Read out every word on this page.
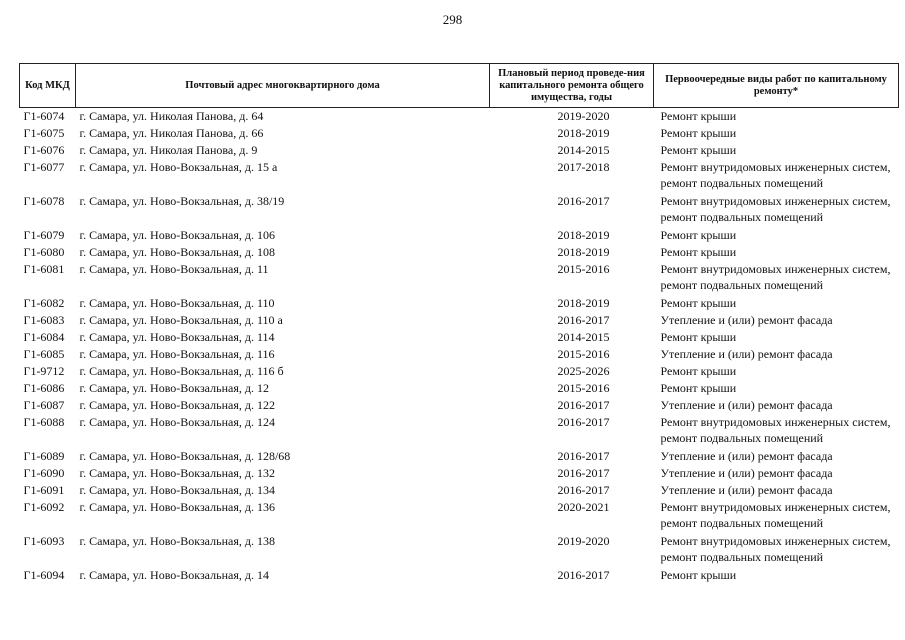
298
Код МКД	Почтовый адрес многоквартирного дома	Плановый период проведе-ния капитального ремонта общего имущества, годы	Первоочередные виды работ по капитальному ремонту*
Г1-6074	г. Самара, ул. Николая Панова, д. 64	2019-2020	Ремонт крыши
Г1-6075	г. Самара, ул. Николая Панова, д. 66	2018-2019	Ремонт крыши
Г1-6076	г. Самара, ул. Николая Панова, д. 9	2014-2015	Ремонт крыши
Г1-6077	г. Самара, ул. Ново-Вокзальная, д. 15 а	2017-2018	Ремонт внутридомовых инженерных систем, ремонт подвальных помещений
Г1-6078	г. Самара, ул. Ново-Вокзальная, д. 38/19	2016-2017	Ремонт внутридомовых инженерных систем, ремонт подвальных помещений
Г1-6079	г. Самара, ул. Ново-Вокзальная, д. 106	2018-2019	Ремонт крыши
Г1-6080	г. Самара, ул. Ново-Вокзальная, д. 108	2018-2019	Ремонт крыши
Г1-6081	г. Самара, ул. Ново-Вокзальная, д. 11	2015-2016	Ремонт внутридомовых инженерных систем, ремонт подвальных помещений
Г1-6082	г. Самара, ул. Ново-Вокзальная, д. 110	2018-2019	Ремонт крыши
Г1-6083	г. Самара, ул. Ново-Вокзальная, д. 110 а	2016-2017	Утепление и (или) ремонт фасада
Г1-6084	г. Самара, ул. Ново-Вокзальная, д. 114	2014-2015	Ремонт крыши
Г1-6085	г. Самара, ул. Ново-Вокзальная, д. 116	2015-2016	Утепление и (или) ремонт фасада
Г1-9712	г. Самара, ул. Ново-Вокзальная, д. 116 б	2025-2026	Ремонт крыши
Г1-6086	г. Самара, ул. Ново-Вокзальная, д. 12	2015-2016	Ремонт крыши
Г1-6087	г. Самара, ул. Ново-Вокзальная, д. 122	2016-2017	Утепление и (или) ремонт фасада
Г1-6088	г. Самара, ул. Ново-Вокзальная, д. 124	2016-2017	Ремонт внутридомовых инженерных систем, ремонт подвальных помещений
Г1-6089	г. Самара, ул. Ново-Вокзальная, д. 128/68	2016-2017	Утепление и (или) ремонт фасада
Г1-6090	г. Самара, ул. Ново-Вокзальная, д. 132	2016-2017	Утепление и (или) ремонт фасада
Г1-6091	г. Самара, ул. Ново-Вокзальная, д. 134	2016-2017	Утепление и (или) ремонт фасада
Г1-6092	г. Самара, ул. Ново-Вокзальная, д. 136	2020-2021	Ремонт внутридомовых инженерных систем, ремонт подвальных помещений
Г1-6093	г. Самара, ул. Ново-Вокзальная, д. 138	2019-2020	Ремонт внутридомовых инженерных систем, ремонт подвальных помещений
Г1-6094	г. Самара, ул. Ново-Вокзальная, д. 14	2016-2017	Ремонт крыши
